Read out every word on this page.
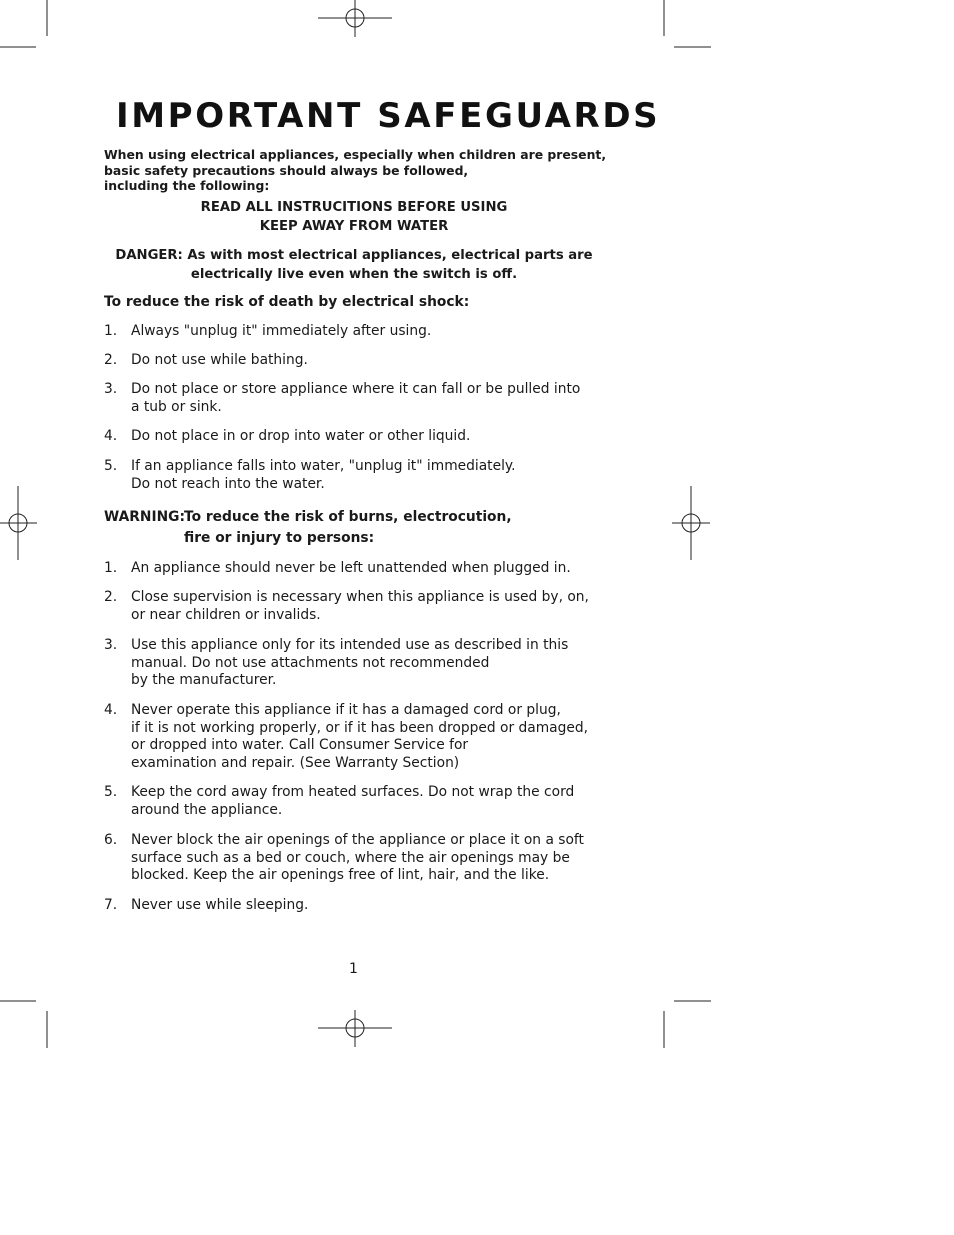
IMPORTANT SAFEGUARDS
When using electrical appliances, especially when children are present,
basic safety precautions should always be followed,
including the following:
READ ALL INSTRUCITIONS BEFORE USING
KEEP AWAY FROM WATER
DANGER: As with most electrical appliances, electrical parts are
electrically live even when the switch is off.
To reduce the risk of death by electrical shock:
1. Always "unplug it" immediately after using.
2. Do not use while bathing.
3. Do not place or store appliance where it can fall or be pulled into
a tub or sink.
4. Do not place in or drop into water or other liquid.
5. If an appliance falls into water, "unplug it" immediately.
Do not reach into the water.
WARNING:To reduce the risk of burns, electrocution,
fire or injury to persons:
1. An appliance should never be left unattended when plugged in.
2. Close supervision is necessary when this appliance is used by, on,
or near children or invalids.
3. Use this appliance only for its intended use as described in this
manual. Do not use attachments not recommended
by the manufacturer.
4. Never operate this appliance if it has a damaged cord or plug,
if it is not working properly, or if it has been dropped or damaged,
or dropped into water. Call Consumer Service for
examination and repair. (See Warranty Section)
5. Keep the cord away from heated surfaces. Do not wrap the cord
around the appliance.
6. Never block the air openings of the appliance or place it on a soft
surface such as a bed or couch, where the air openings may be
blocked. Keep the air openings free of lint, hair, and the like.
7. Never use while sleeping.
1
